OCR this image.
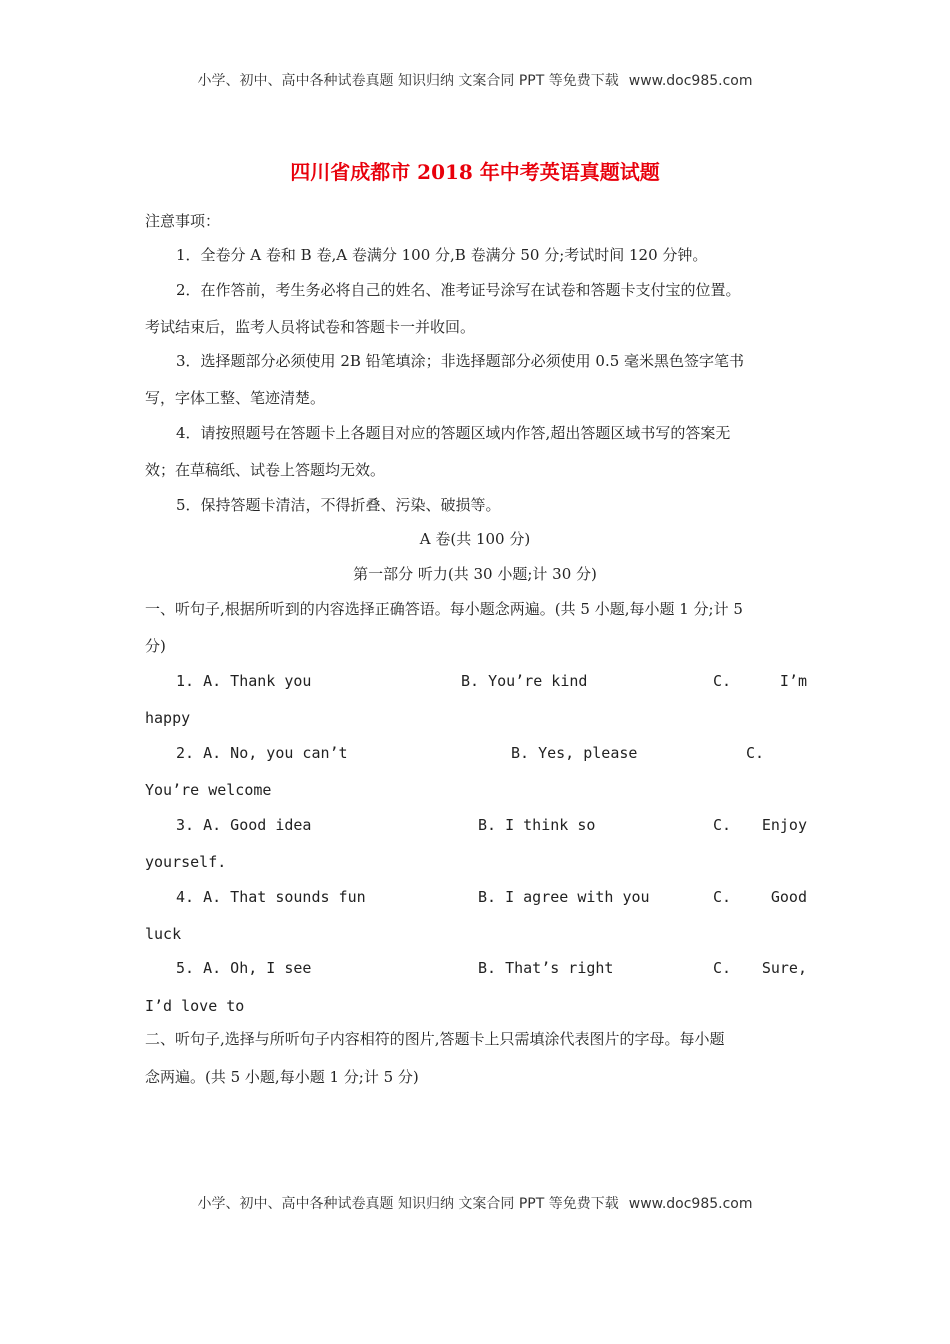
小学、初中、高中各种试卷真题 知识归纳 文案合同 PPT 等免费下载 www.doc985.com
四川省成都市 2018 年中考英语真题试题
注意事项：
1．全卷分 A 卷和 B 卷,A 卷满分 100 分,B 卷满分 50 分;考试时间 120 分钟。
2．在作答前，考生务必将自己的姓名、准考证号涂写在试卷和答题卡支付宝的位置。
考试结束后，监考人员将试卷和答题卡一并收回。
3．选择题部分必须使用 2B 铅笔填涂；非选择题部分必须使用 0.5 毫米黑色签字笔书
写，字体工整、笔迹清楚。
4．请按照题号在答题卡上各题目对应的答题区域内作答,超出答题区域书写的答案无
效；在草稿纸、试卷上答题均无效。
5．保持答题卡清洁，不得折叠、污染、破损等。
A 卷(共 100 分)
第一部分 听力(共 30 小题;计 30 分)
一、听句子,根据所听到的内容选择正确答语。每小题念两遍。(共 5 小题,每小题 1 分;计 5
分)
1. A. Thank you	B. You’re kind	C.	I’m
happy
2. A. No, you can’t	B. Yes, please	C.
You’re welcome
3. A. Good idea	B. I think so	C.	Enjoy
yourself.
4. A. That sounds fun	B. I agree with you	C.	Good
luck
5. A. Oh, I see	B. That’s right	C.	Sure,
I’d love to
二、听句子,选择与所听句子内容相符的图片,答题卡上只需填涂代表图片的字母。每小题
念两遍。(共 5 小题,每小题 1 分;计 5 分)
小学、初中、高中各种试卷真题 知识归纳 文案合同 PPT 等免费下载 www.doc985.com
